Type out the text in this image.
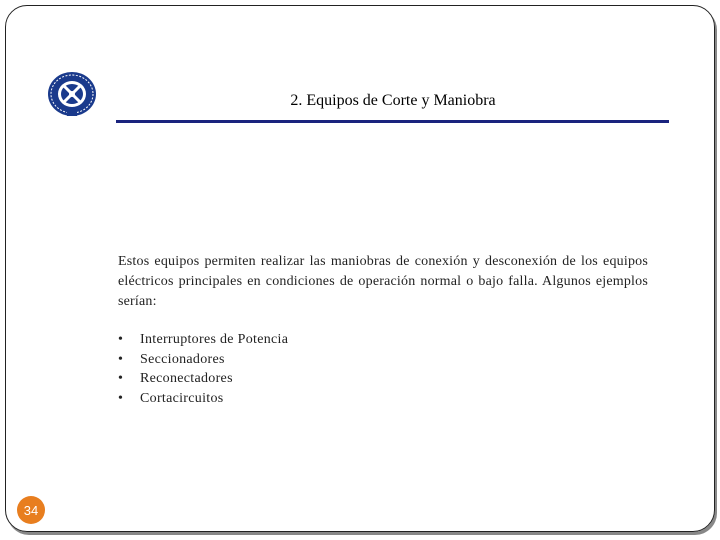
2. Equipos de Corte y Maniobra
Estos equipos permiten realizar las maniobras de conexión y desconexión de los equipos eléctricos principales en condiciones de operación normal o bajo falla. Algunos ejemplos serían:
•	Interruptores de Potencia
•	Seccionadores
•	Reconectadores
•	Cortacircuitos
34
